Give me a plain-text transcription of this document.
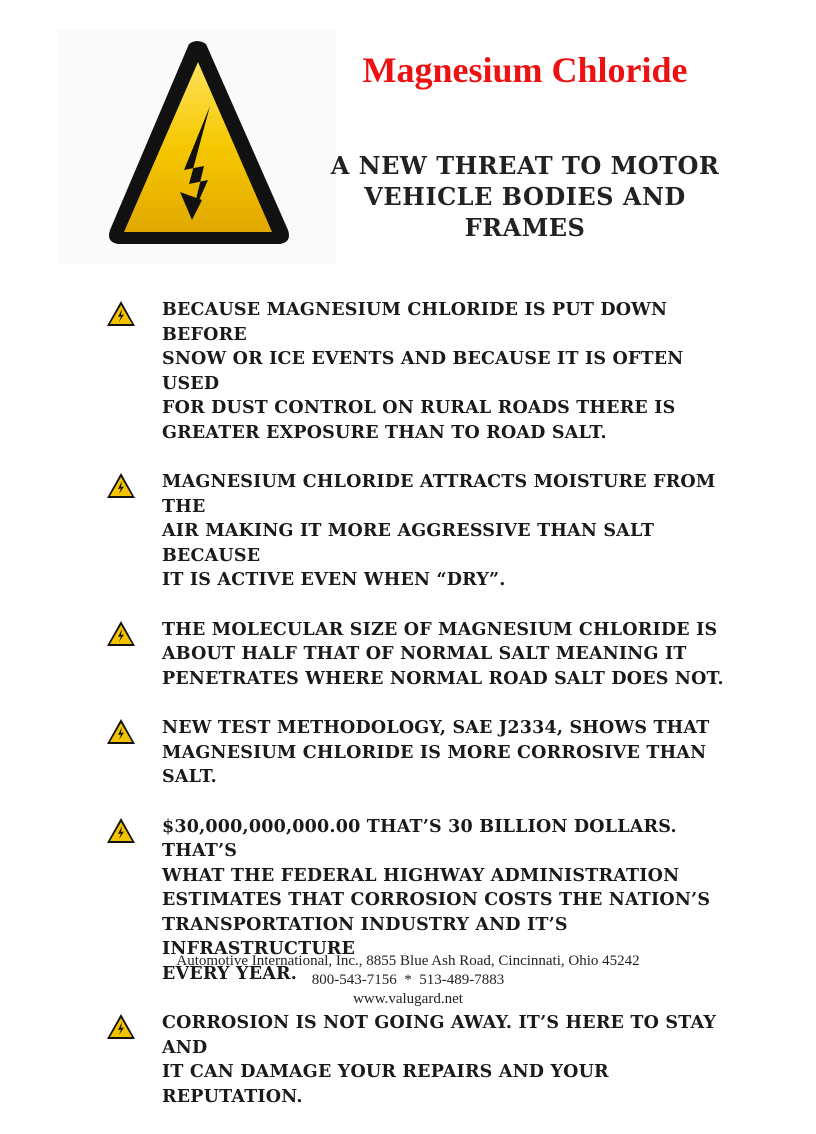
Magnesium Chloride
A NEW THREAT TO MOTOR
VEHICLE BODIES AND FRAMES

BECAUSE MAGNESIUM CHLORIDE IS PUT DOWN BEFORE
SNOW OR ICE EVENTS AND BECAUSE IT IS OFTEN USED
FOR DUST CONTROL ON RURAL ROADS THERE IS
GREATER EXPOSURE THAN TO ROAD SALT.

MAGNESIUM CHLORIDE ATTRACTS MOISTURE FROM THE
AIR MAKING IT MORE AGGRESSIVE THAN SALT BECAUSE
IT IS ACTIVE EVEN WHEN “DRY”.

THE MOLECULAR SIZE OF MAGNESIUM CHLORIDE IS
ABOUT HALF THAT OF NORMAL SALT MEANING IT
PENETRATES WHERE NORMAL ROAD SALT DOES NOT.

NEW TEST METHODOLOGY, SAE J2334, SHOWS THAT
MAGNESIUM CHLORIDE IS MORE CORROSIVE THAN SALT.

$30,000,000,000.00 THAT’S 30 BILLION DOLLARS. THAT’S
WHAT THE FEDERAL HIGHWAY ADMINISTRATION
ESTIMATES THAT CORROSION COSTS THE NATION’S
TRANSPORTATION INDUSTRY AND IT’S INFRASTRUCTURE
EVERY YEAR.

CORROSION IS NOT GOING AWAY. IT’S HERE TO STAY AND
IT CAN DAMAGE YOUR REPAIRS AND YOUR
REPUTATION.

Automotive International, Inc., 8855 Blue Ash Road, Cincinnati, Ohio 45242
800-543-7156  *  513-489-7883
www.valugard.net
